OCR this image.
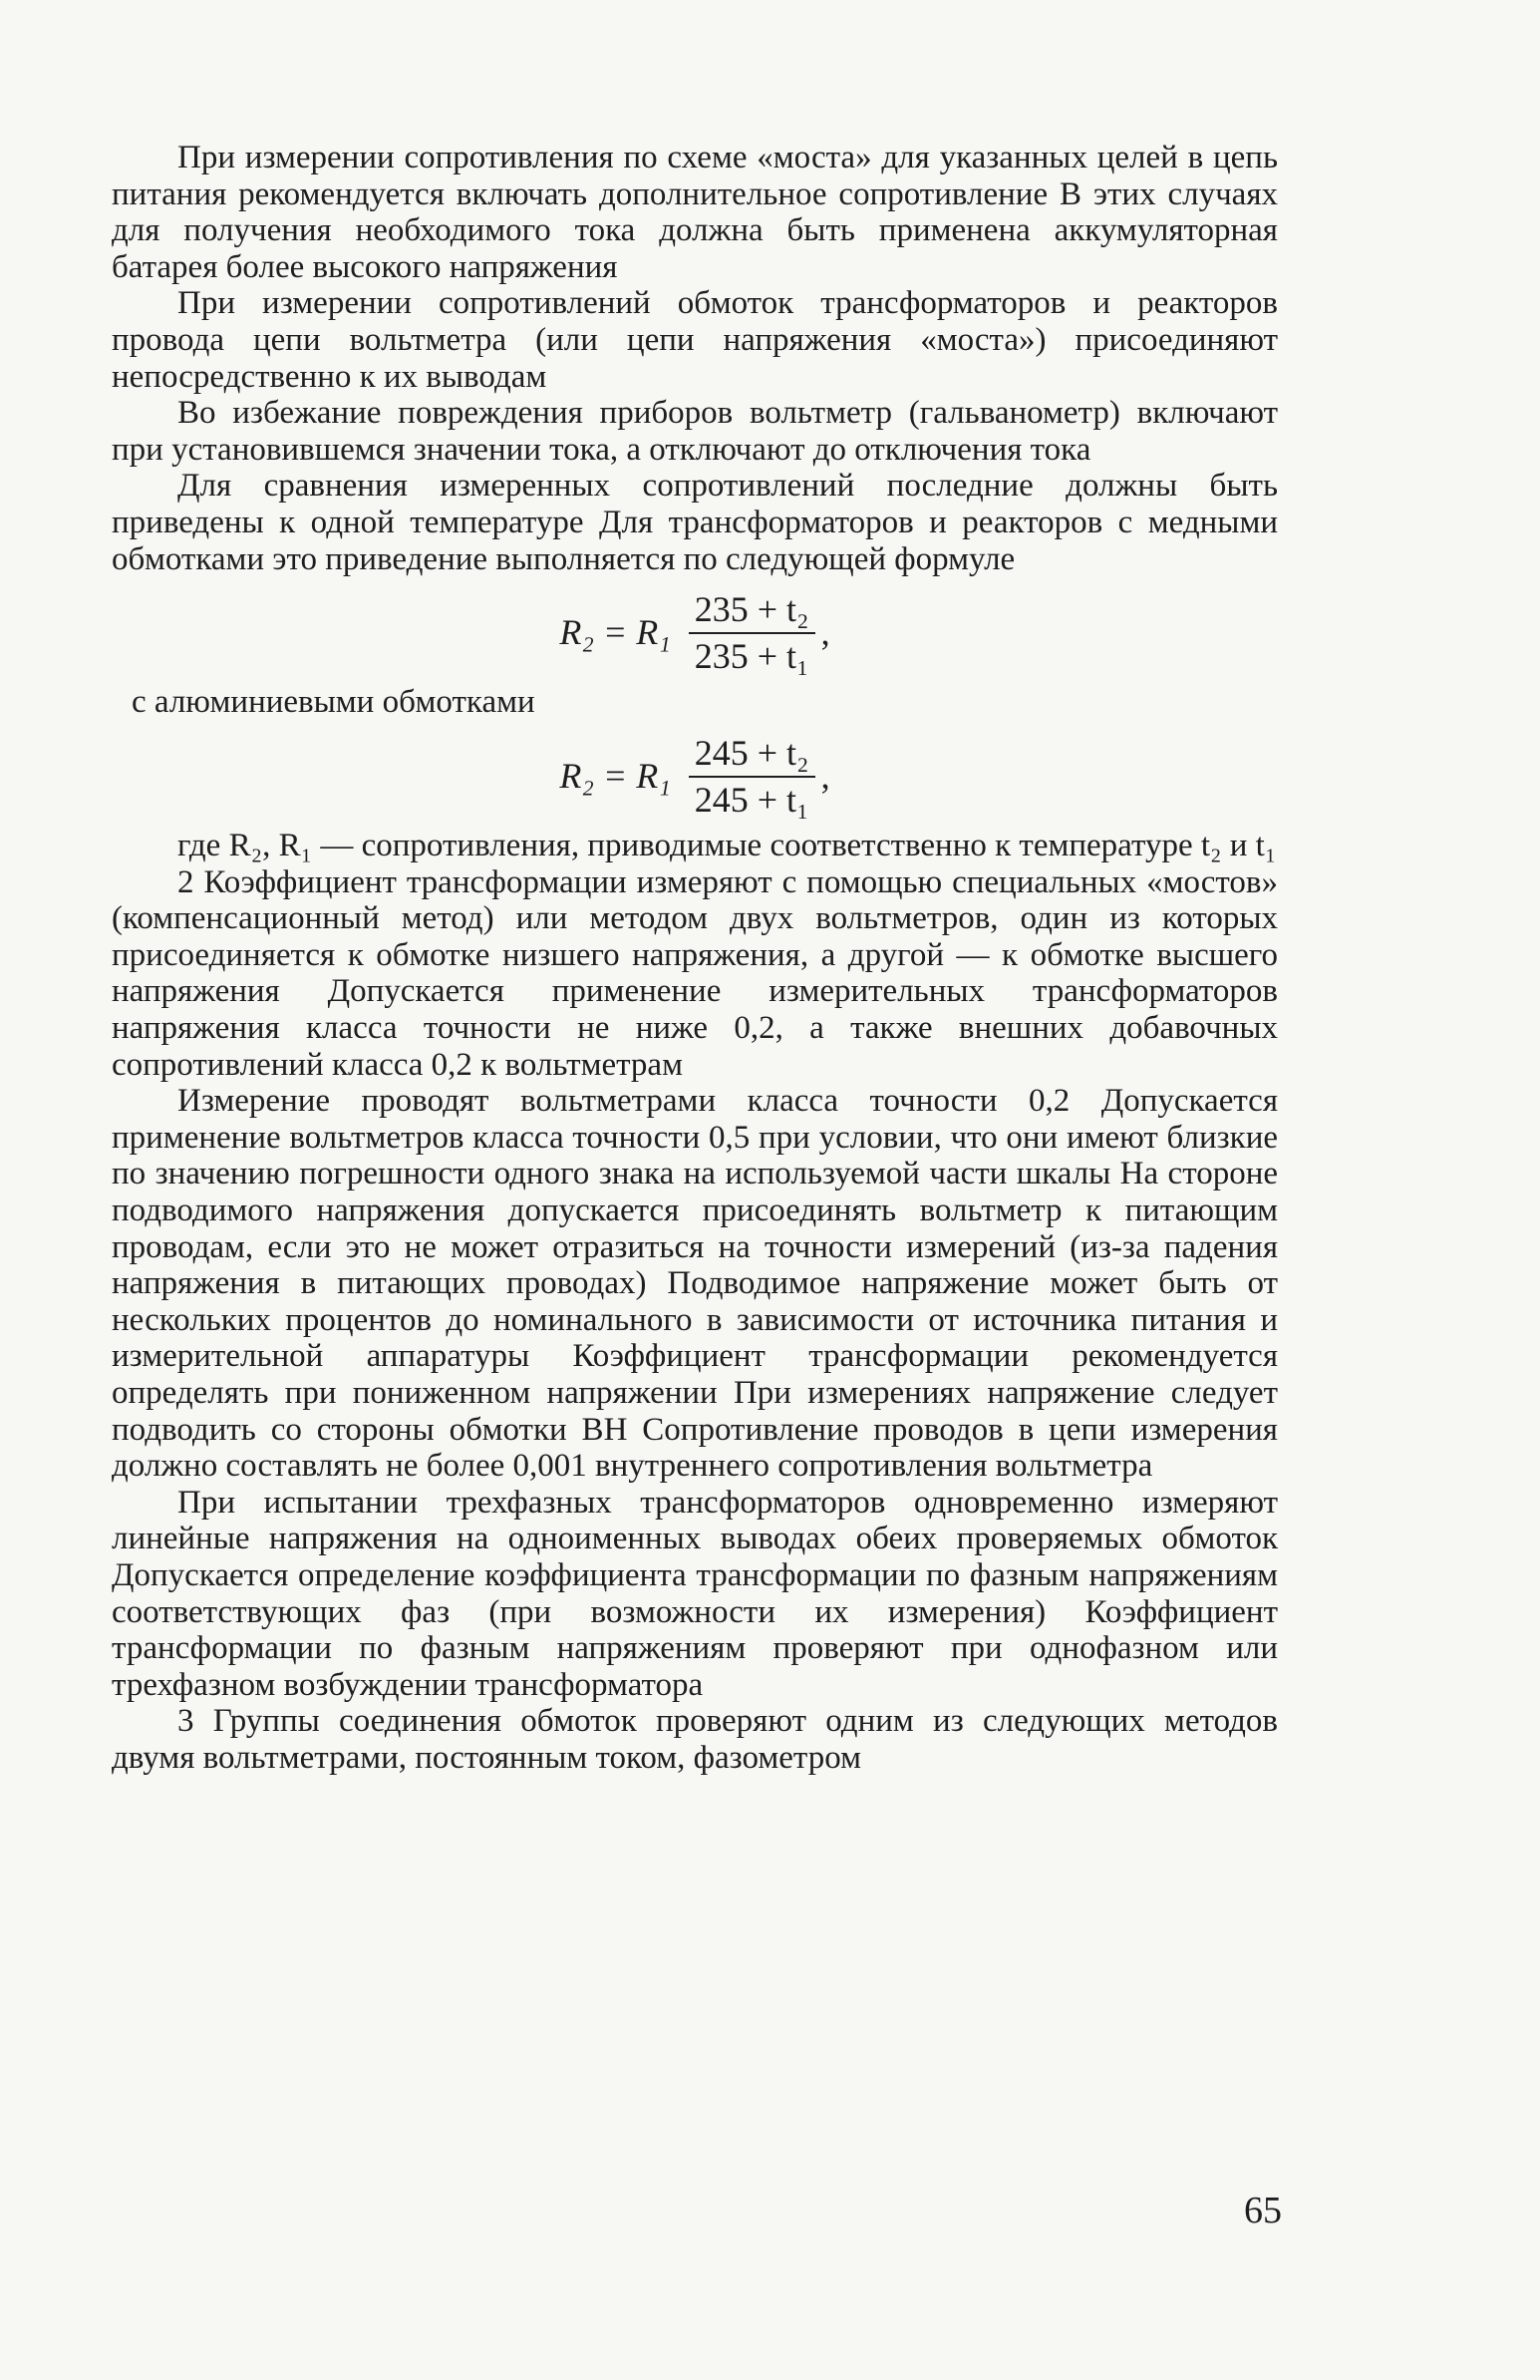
При измерении сопротивления по схеме «моста» для указанных целей в цепь питания рекомендуется включать дополнительное сопротивление В этих случаях для получения необходимого тока должна быть применена аккумуляторная батарея более высокого напряжения

При измерении сопротивлений обмоток трансформаторов и реакторов провода цепи вольтметра (или цепи напряжения «моста») присоединяют непосредственно к их выводам

Во избежание повреждения приборов вольтметр (гальванометр) включают при установившемся значении тока, а отключают до отключения тока

Для сравнения измеренных сопротивлений последние должны быть приведены к одной температуре Для трансформаторов и реакторов с медными обмотками это приведение выполняется по следующей формуле

$R_2 = R_1 \frac{\text{235 + t₂}}{\text{235 + t₁}}$ ,

с алюминиевыми обмотками

$R_2 = R_1 \frac{\text{245 + t₂}}{\text{245 + t₁}}$ ,

где R₂, R₁ — сопротивления, приводимые соответственно к температуре t₂ и t₁

2 Коэффициент трансформации измеряют с помощью специальных «мостов» (компенсационный метод) или методом двух вольтметров, один из которых присоединяется к обмотке низшего напряжения, а другой — к обмотке высшего напряжения Допускается применение измерительных трансформаторов напряжения класса точности не ниже 0,2, а также внешних добавочных сопротивлений класса 0,2 к вольтметрам

Измерение проводят вольтметрами класса точности 0,2 Допускается применение вольтметров класса точности 0,5 при условии, что они имеют близкие по значению погрешности одного знака на используемой части шкалы На стороне подводимого напряжения допускается присоединять вольтметр к питающим проводам, если это не может отразиться на точности измерений (из-за падения напряжения в питающих проводах) Подводимое напряжение может быть от нескольких процентов до номинального в зависимости от источника питания и измерительной аппаратуры Коэффициент трансформации рекомендуется определять при пониженном напряжении При измерениях напряжение следует подводить со стороны обмотки ВН Сопротивление проводов в цепи измерения должно составлять не более 0,001 внутреннего сопротивления вольтметра

При испытании трехфазных трансформаторов одновременно измеряют линейные напряжения на одноименных выводах обеих проверяемых обмоток Допускается определение коэффициента трансформации по фазным напряжениям соответствующих фаз (при возможности их измерения) Коэффициент трансформации по фазным напряжениям проверяют при однофазном или трехфазном возбуждении трансформатора

3 Группы соединения обмоток проверяют одним из следующих методов двумя вольтметрами, постоянным током, фазометром

65
